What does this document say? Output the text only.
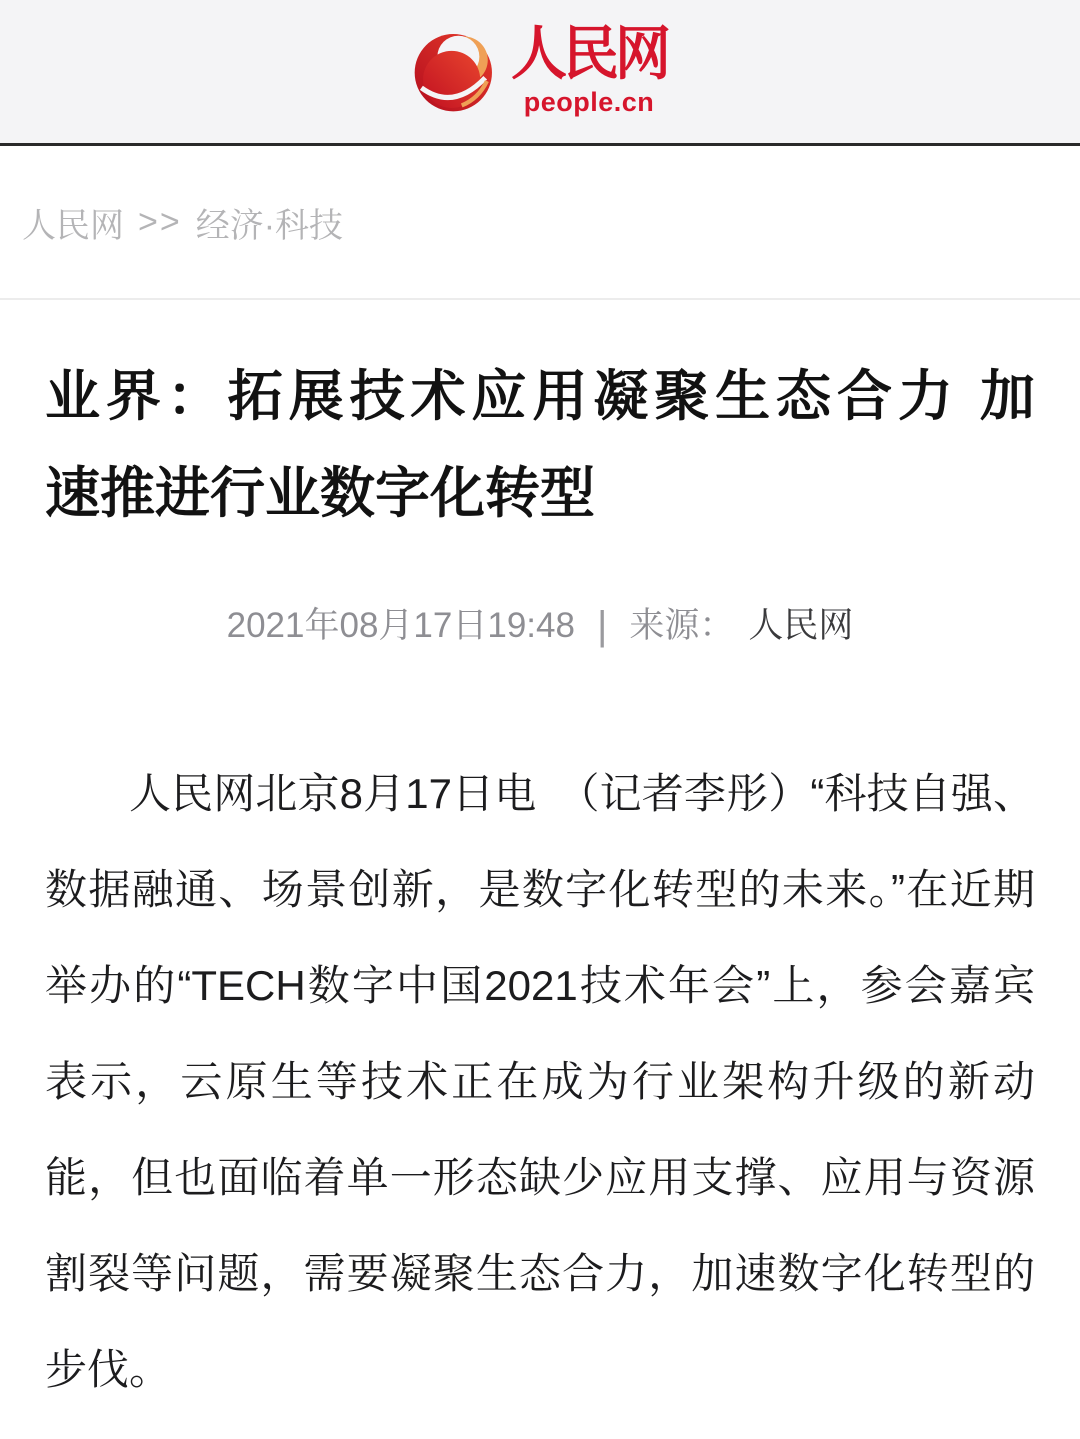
人民网
people.cn
人民网 >> 经济·科技
业界：拓展技术应用凝聚生态合力 加
速推进行业数字化转型
2021年08月17日19:48 | 来源： 人民网

人民网北京8月17日电　（记者李彤）“科技自强、数据融通、场景创新，是数字化转型的未来。”在近期举办的“TECH数字中国2021技术年会”上，参会嘉宾表示，云原生等技术正在成为行业架构升级的新动能，但也面临着单一形态缺少应用支撑、应用与资源割裂等问题，需要凝聚生态合力，加速数字化转型的步伐。
